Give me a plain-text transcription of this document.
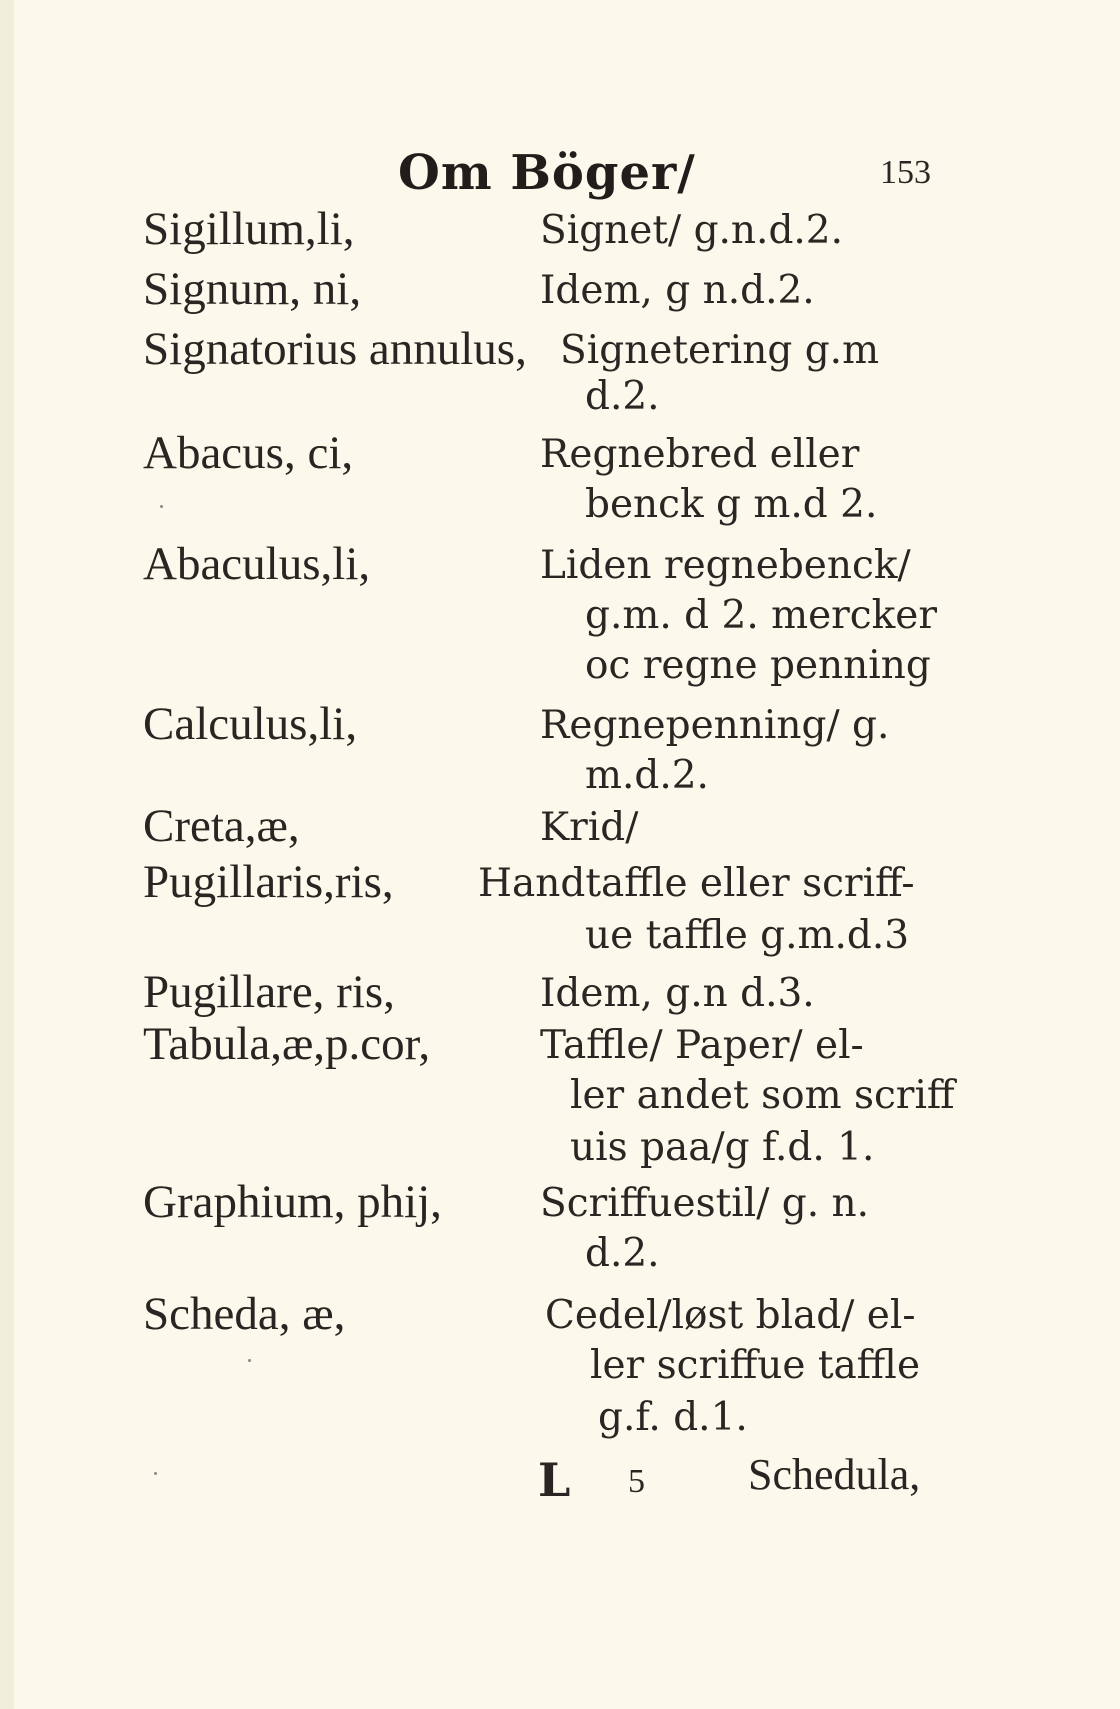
Om Böger/	153
Sigillum,li,	Signet/ g.n.d.2.
Signum, ni,	Idem, g n.d.2.
Signatorius annulus, Signetering g.m
d.2.
Abacus, ci,	Regnebred eller
benck g m.d 2.
Abaculus,li,	Liden regnebenck/
g.m. d 2. mercker
oc regne penning
Calculus,li,	Regnepenning/ g.
m.d.2.
Creta,æ,	Krid/
Pugillaris,ris, Handtaffle eller scriff-
ue taffle g.m.d.3
Pugillare, ris,	Idem, g.n d.3.
Tabula,æ,p.cor,	Taffle/ Paper/ el-
ler andet som scriff
uis paa/g f.d. 1.
Graphium, phij,	Scriffuestil/ g. n.
d.2.
Scheda, æ,	Cedel/løst blad/ el-
ler scriffue taffle
g.f. d.1.
L 5 Schedula,
